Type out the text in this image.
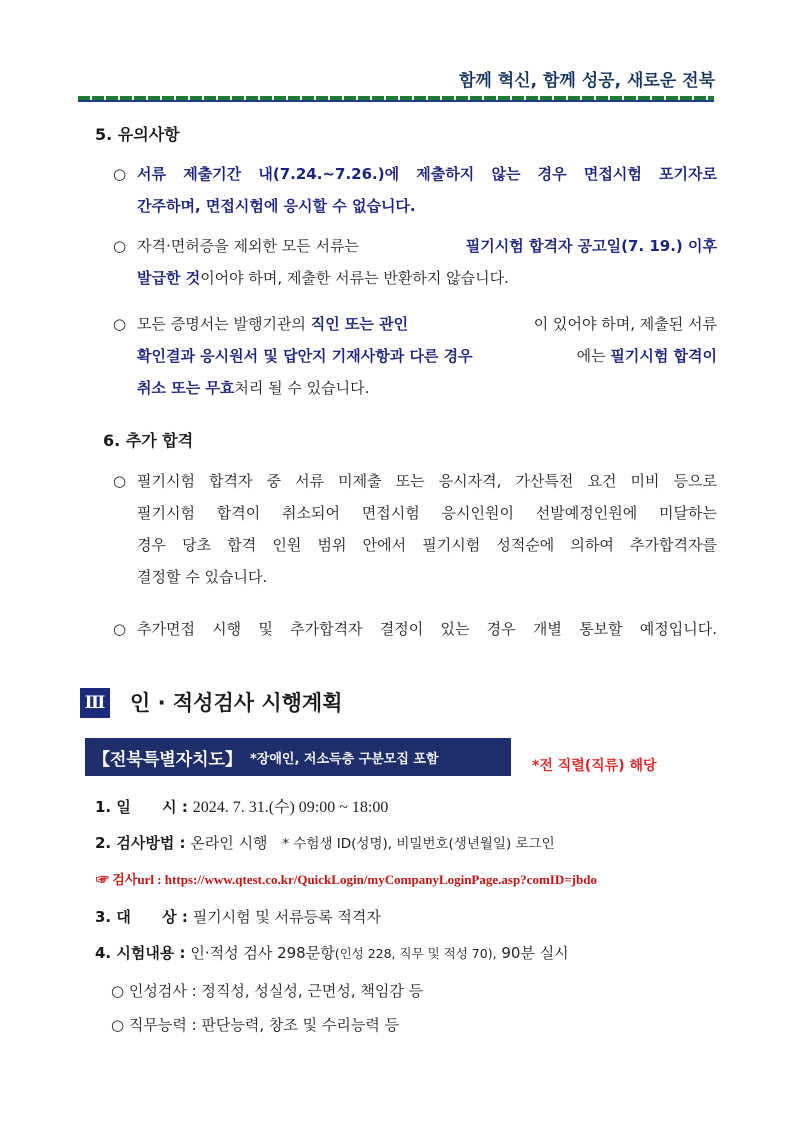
함께 혁신, 함께 성공, 새로운 전북
5. 유의사항
○ 서류 제출기간 내(7.24.~7.26.)에 제출하지 않는 경우 면접시험 포기자로
간주하며, 면접시험에 응시할 수 없습니다.
○ 자격·면허증을 제외한 모든 서류는	필기시험 합격자 공고일(7. 19.) 이후
발급한 것 이어야 하며, 제출한 서류는 반환하지 않습니다.
○ 모든 증명서는 발행기관의 직인 또는 관인	이 있어야 하며, 제출된 서류
확인결과 응시원서 및 답안지 기재사항과 다른 경우	에는 필기시험 합격이
취소 또는 무효 처리 될 수 있습니다.
6. 추가 합격
○ 필기시험 합격자 중 서류 미제출 또는 응시자격, 가산특전 요건 미비 등으로
필기시험 합격이 취소되어 면접시험 응시인원이 선발예정인원에 미달하는
경우 당초 합격 인원 범위 안에서 필기시험 성적순에 의하여 추가합격자를
결정할 수 있습니다.
○ 추가면접 시행 및 추가합격자 결정이 있는 경우 개별 통보할 예정입니다.
Ⅲ 인 · 적성검사 시행계획
【전북특별자치도】 *장애인, 저소득층 구분모집 포함	*전 직렬(직류) 해당
1. 일      시 : 2024. 7. 31.(수) 09:00 ~ 18:00
2. 검사방법 : 온라인 시행 * 수험생 ID(성명), 비밀번호(생년월일) 로그인
☞ 검사url : https://www.qtest.co.kr/QuickLogin/myCompanyLoginPage.asp?comID=jbdo
3. 대      상 : 필기시험 및 서류등록 적격자
4. 시험내용 : 인·적성 검사 298문항(인성 228, 직무 및 적성 70), 90분 실시
○ 인성검사 : 정직성, 성실성, 근면성, 책임감 등
○ 직무능력 : 판단능력, 창조 및 수리능력 등
